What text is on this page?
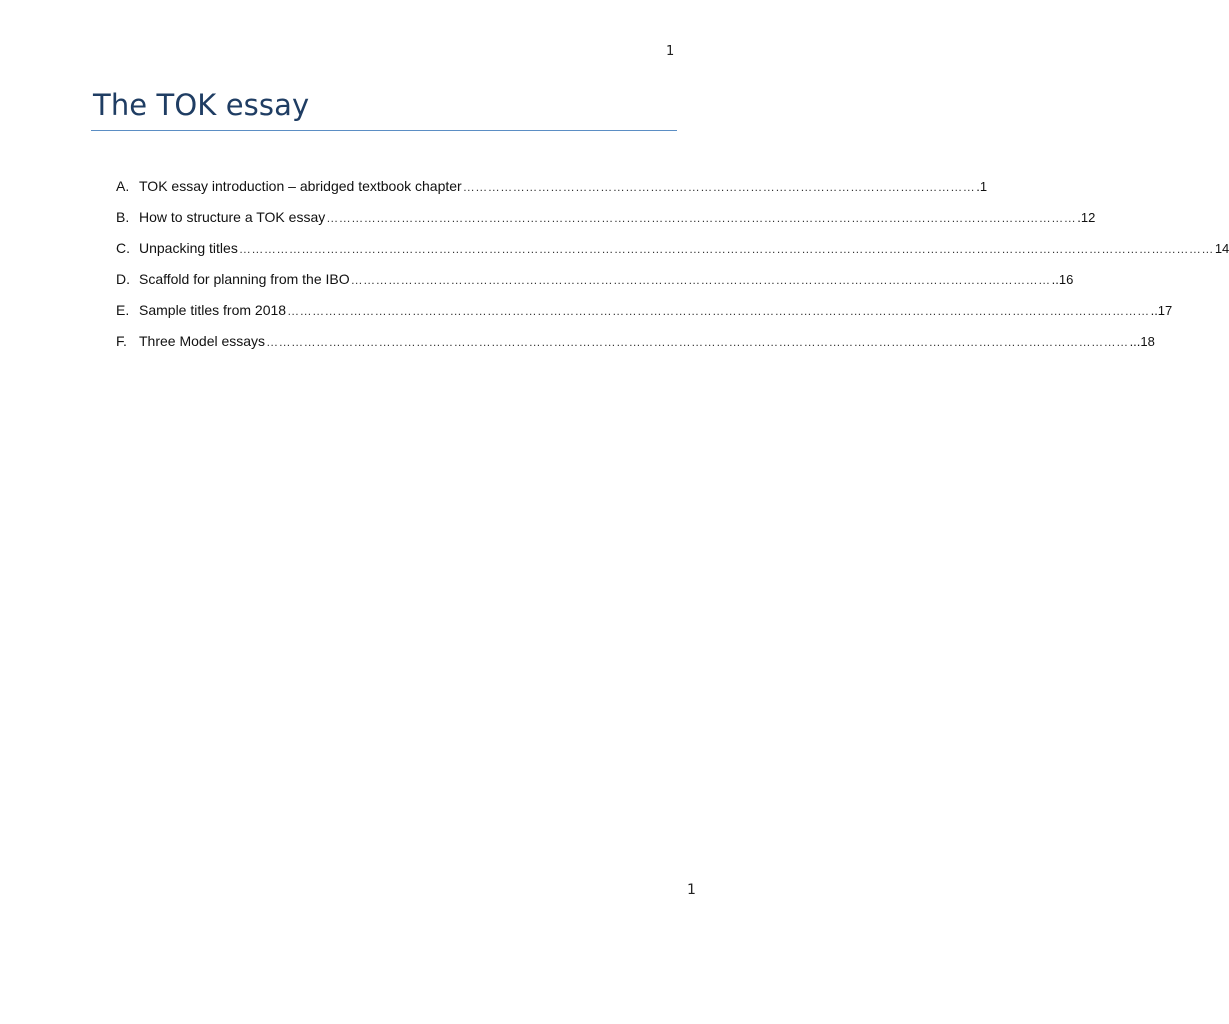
1
The TOK essay
A. TOK essay introduction – abridged textbook chapter …………………………………………………………………………………………………………… .1
B. How to structure a TOK essay ……………………………………………………………………………………………………………………………………………………………… .12
C. Unpacking titles ……………………………………………………………………………………………………………………………………………………………………………………………………………… 14
D. Scaffold for planning from the IBO …………………………………………………………………………………………………………………………………………………… ..16
E. Sample titles from 2018 ……………………………………………………………………………………………………………………………………………………………………………………… ..17
F. Three Model essays ……………………………………………………………………………………………………………………………………………………………………………………… ...18
1
